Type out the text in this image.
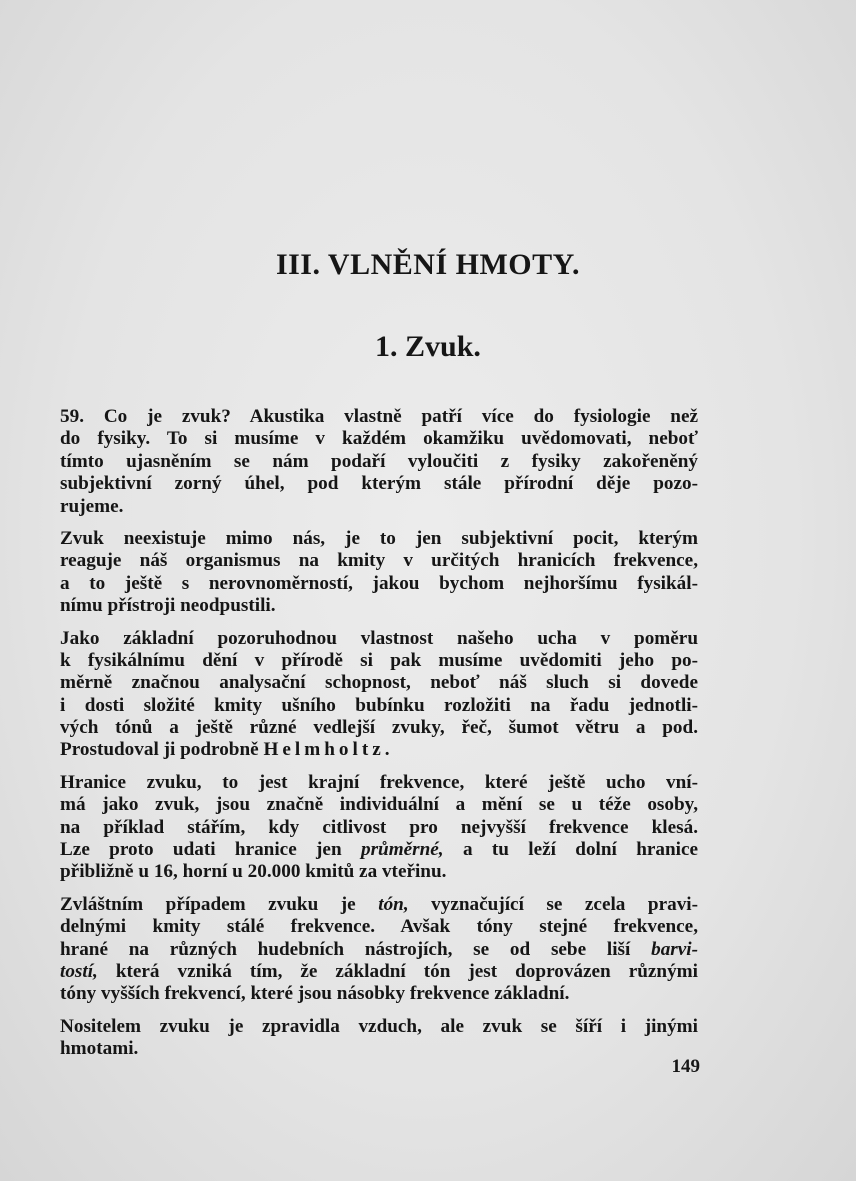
III. VLNĚNÍ HMOTY.
1. Zvuk.
59. Co je zvuk? Akustika vlastně patří více do fysiologie než
do fysiky. To si musíme v každém okamžiku uvědomovati, neboť
tímto ujasněním se nám podaří vyloučiti z fysiky zakořeněný
subjektivní zorný úhel, pod kterým stále přírodní děje pozo-
rujeme.
Zvuk neexistuje mimo nás, je to jen subjektivní pocit, kterým
reaguje náš organismus na kmity v určitých hranicích frekvence,
a to ještě s nerovnoměrností, jakou bychom nejhoršímu fysikál-
nímu přístroji neodpustili.
Jako základní pozoruhodnou vlastnost našeho ucha v poměru
k fysikálnímu dění v přírodě si pak musíme uvědomiti jeho po-
měrně značnou analysační schopnost, neboť náš sluch si dovede
i dosti složité kmity ušního bubínku rozložiti na řadu jednotli-
vých tónů a ještě různé vedlejší zvuky, řeč, šumot větru a pod.
Prostudoval ji podrobně Helmholtz.
Hranice zvuku, to jest krajní frekvence, které ještě ucho vní-
má jako zvuk, jsou značně individuální a mění se u téže osoby,
na příklad stářím, kdy citlivost pro nejvyšší frekvence klesá.
Lze proto udati hranice jen průměrné, a tu leží dolní hranice
přibližně u 16, horní u 20.000 kmitů za vteřinu.
Zvláštním případem zvuku je tón, vyznačující se zcela pravi-
delnými kmity stálé frekvence. Avšak tóny stejné frekvence,
hrané na různých hudebních nástrojích, se od sebe liší barvi-
tostí, která vzniká tím, že základní tón jest doprovázen různými
tóny vyšších frekvencí, které jsou násobky frekvence základní.
Nositelem zvuku je zpravidla vzduch, ale zvuk se šíří i jinými
hmotami.

149
